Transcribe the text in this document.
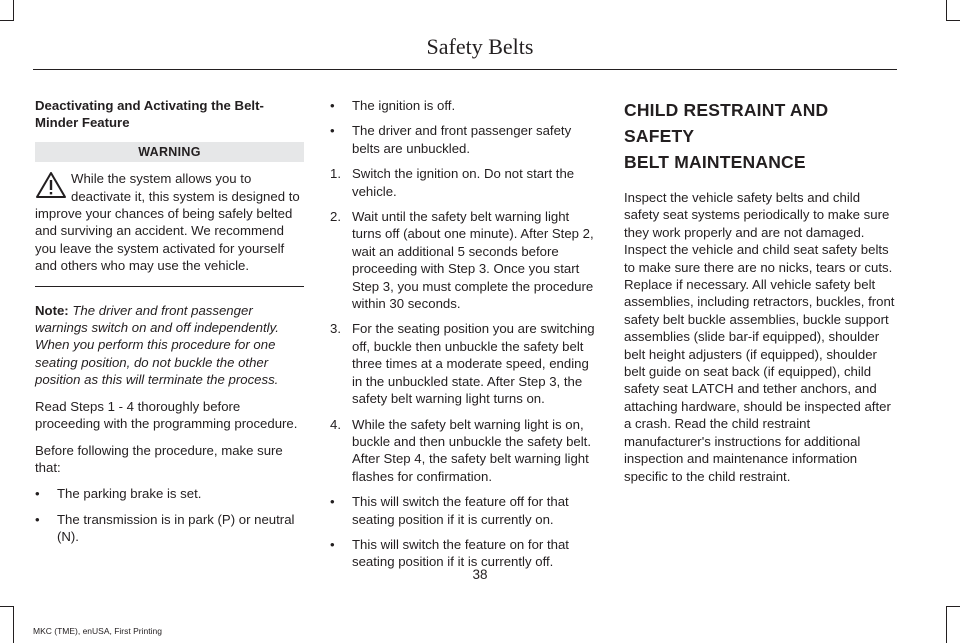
Safety Belts

Deactivating and Activating the Belt-Minder Feature

WARNING

While the system allows you to deactivate it, this system is designed to improve your chances of being safely belted and surviving an accident. We recommend you leave the system activated for yourself and others who may use the vehicle.

Note: The driver and front passenger warnings switch on and off independently. When you perform this procedure for one seating position, do not buckle the other position as this will terminate the process.

Read Steps 1 - 4 thoroughly before proceeding with the programming procedure.

Before following the procedure, make sure that:

• The parking brake is set.
• The transmission is in park (P) or neutral (N).
• The ignition is off.
• The driver and front passenger safety belts are unbuckled.
1. Switch the ignition on. Do not start the vehicle.
2. Wait until the safety belt warning light turns off (about one minute). After Step 2, wait an additional 5 seconds before proceeding with Step 3. Once you start Step 3, you must complete the procedure within 30 seconds.
3. For the seating position you are switching off, buckle then unbuckle the safety belt three times at a moderate speed, ending in the unbuckled state. After Step 3, the safety belt warning light turns on.
4. While the safety belt warning light is on, buckle and then unbuckle the safety belt. After Step 4, the safety belt warning light flashes for confirmation.
• This will switch the feature off for that seating position if it is currently on.
• This will switch the feature on for that seating position if it is currently off.
CHILD RESTRAINT AND SAFETY
BELT MAINTENANCE

Inspect the vehicle safety belts and child safety seat systems periodically to make sure they work properly and are not damaged. Inspect the vehicle and child seat safety belts to make sure there are no nicks, tears or cuts. Replace if necessary. All vehicle safety belt assemblies, including retractors, buckles, front safety belt buckle assemblies, buckle support assemblies (slide bar-if equipped), shoulder belt height adjusters (if equipped), shoulder belt guide on seat back (if equipped), child safety seat LATCH and tether anchors, and attaching hardware, should be inspected after a crash. Read the child restraint manufacturer's instructions for additional inspection and maintenance information specific to the child restraint.

38
MKC (TME), enUSA, First Printing
